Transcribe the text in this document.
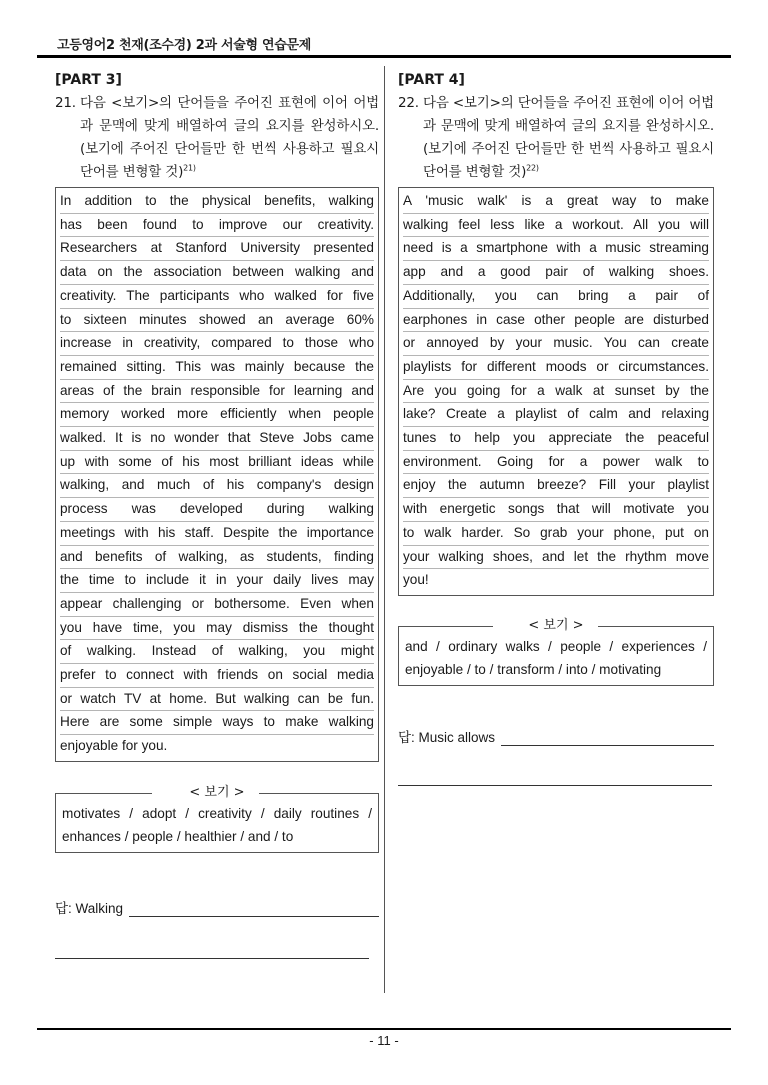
고등영어2 천재(조수경) 2과 서술형 연습문제
[PART 3]
21. 다음 <보기>의 단어들을 주어진 표현에 이어 어법과 문맥에 맞게 배열하여 글의 요지를 완성하시오. (보기에 주어진 단어들만 한 번씩 사용하고 필요시 단어를 변형할 것)$^{21)}$
In addition to the physical benefits, walking
has been found to improve our creativity.
Researchers at Stanford University presented
data on the association between walking and
creativity. The participants who walked for five
to sixteen minutes showed an average 60%
increase in creativity, compared to those who
remained sitting. This was mainly because the
areas of the brain responsible for learning and
memory worked more efficiently when people
walked. It is no wonder that Steve Jobs came
up with some of his most brilliant ideas while
walking, and much of his company's design
process was developed during walking
meetings with his staff. Despite the importance
and benefits of walking, as students, finding
the time to include it in your daily lives may
appear challenging or bothersome. Even when
you have time, you may dismiss the thought
of walking. Instead of walking, you might
prefer to connect with friends on social media
or watch TV at home. But walking can be fun.
Here are some simple ways to make walking
enjoyable for you.
< 보기 >
motivates / adopt / creativity / daily routines / enhances / people / healthier / and / to
답: Walking
[PART 4]
22. 다음 <보기>의 단어들을 주어진 표현에 이어 어법과 문맥에 맞게 배열하여 글의 요지를 완성하시오. (보기에 주어진 단어들만 한 번씩 사용하고 필요시 단어를 변형할 것)$^{22)}$
A 'music walk' is a great way to make
walking feel less like a workout. All you will
need is a smartphone with a music streaming
app and a good pair of walking shoes.
Additionally, you can bring a pair of
earphones in case other people are disturbed
or annoyed by your music. You can create
playlists for different moods or circumstances.
Are you going for a walk at sunset by the
lake? Create a playlist of calm and relaxing
tunes to help you appreciate the peaceful
environment. Going for a power walk to
enjoy the autumn breeze? Fill your playlist
with energetic songs that will motivate you
to walk harder. So grab your phone, put on
your walking shoes, and let the rhythm move
you!
< 보기 >
and / ordinary walks / people / experiences / enjoyable / to / transform / into / motivating
답: Music allows
- 11 -
